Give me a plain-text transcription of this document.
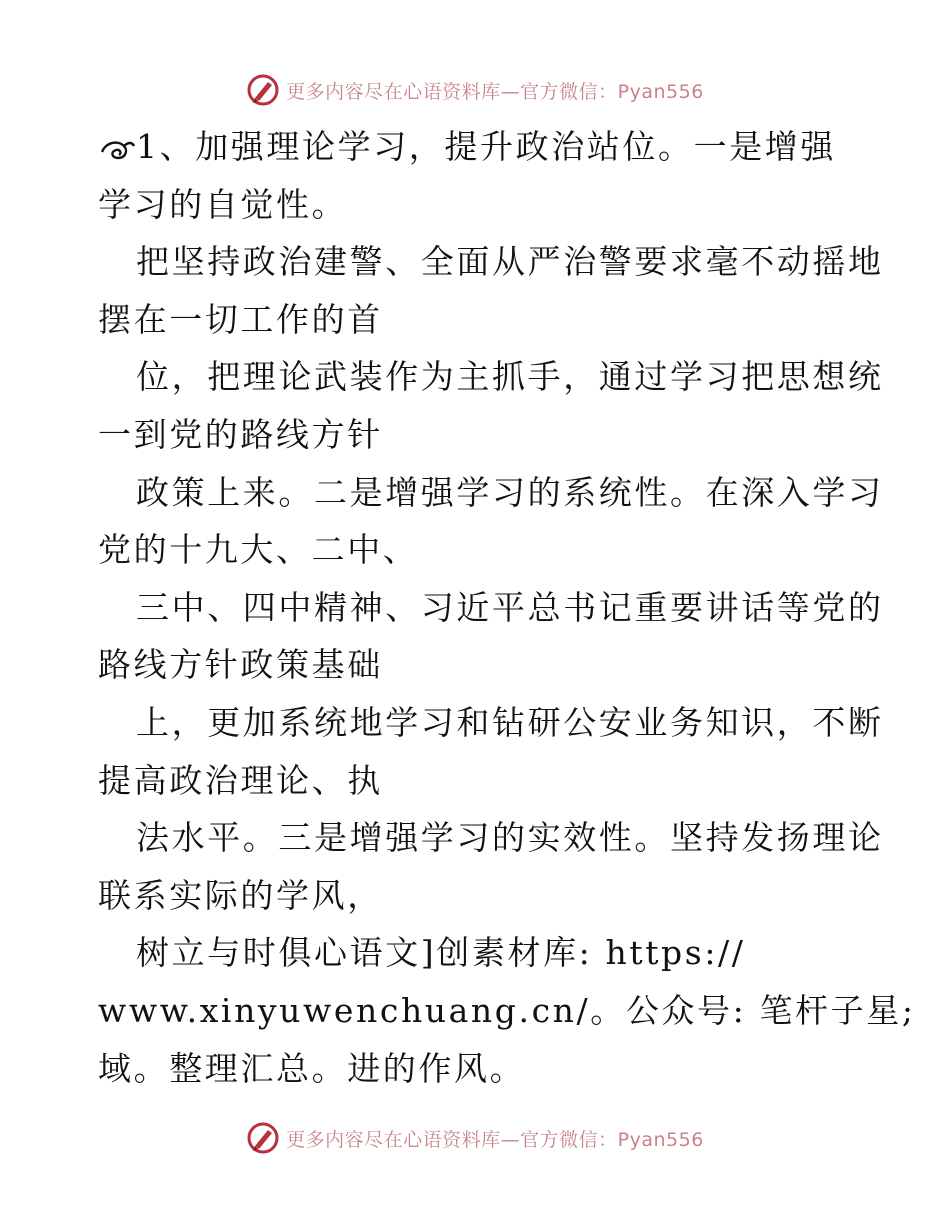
更多内容尽在心语资料库—官方微信：Pyan556
1、加强理论学习，提升政治站位。一是增强
学习的自觉性。
把坚持政治建警、全面从严治警要求毫不动摇地
摆在一切工作的首
位，把理论武装作为主抓手，通过学习把思想统
一到党的路线方针
政策上来。二是增强学习的系统性。在深入学习
党的十九大、二中、
三中、四中精神、习近平总书记重要讲话等党的
路线方针政策基础
上，更加系统地学习和钻研公安业务知识，不断
提高政治理论、执
法水平。三是增强学习的实效性。坚持发扬理论
联系实际的学风，
树立与时俱心语文]创素材库: https://
www.xinyuwenchuang.cn/。公众号: 笔杆子星;
域。整理汇总。进的作风。
更多内容尽在心语资料库—官方微信：Pyan556
